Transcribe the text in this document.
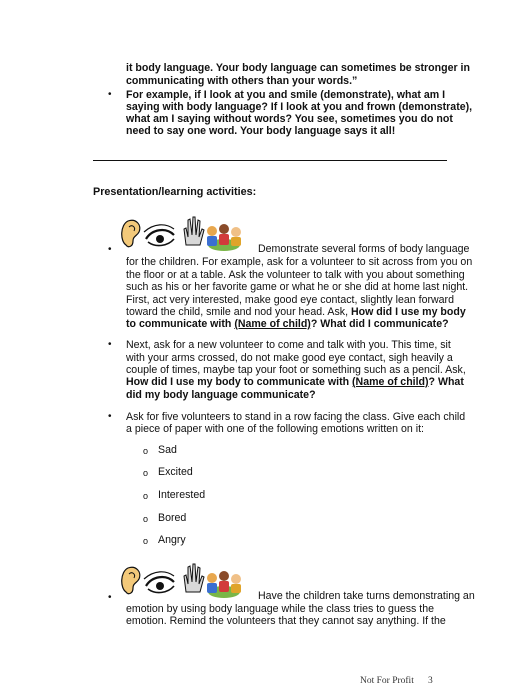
it body language. Your body language can sometimes be stronger in
communicating with others than your words.”
• For example, if I look at you and smile (demonstrate), what am I
saying with body language? If I look at you and frown (demonstrate),
what am I saying without words? You see, sometimes you do not
need to say one word. Your body language says it all!
Presentation/learning activities:
•	Demonstrate several forms of body language
for the children. For example, ask for a volunteer to sit across from you on
the floor or at a table. Ask the volunteer to talk with you about something
such as his or her favorite game or what he or she did at home last night.
First, act very interested, make good eye contact, slightly lean forward
toward the child, smile and nod your head. Ask, How did I use my body
to communicate with (Name of child)? What did I communicate?
• Next, ask for a new volunteer to come and talk with you. This time, sit
with your arms crossed, do not make good eye contact, sigh heavily a
couple of times, maybe tap your foot or something such as a pencil. Ask,
How did I use my body to communicate with (Name of child)? What
did my body language communicate?
• Ask for five volunteers to stand in a row facing the class. Give each child
a piece of paper with one of the following emotions written on it:
o Sad
o Excited
o Interested
o Bored
o Angry
•	Have the children take turns demonstrating an
emotion by using body language while the class tries to guess the
emotion. Remind the volunteers that they cannot say anything. If the
Not For Profit 3
